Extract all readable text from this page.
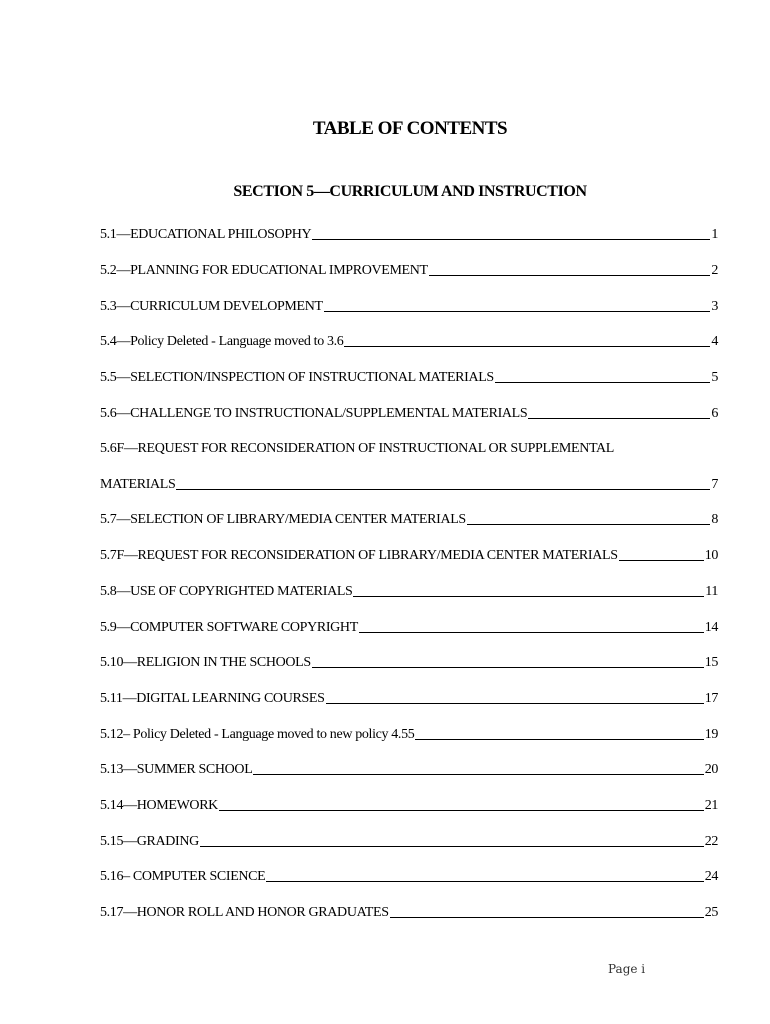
TABLE OF CONTENTS
SECTION 5—CURRICULUM AND INSTRUCTION
5.1—EDUCATIONAL PHILOSOPHY	1
5.2—PLANNING FOR EDUCATIONAL IMPROVEMENT	2
5.3—CURRICULUM DEVELOPMENT	3
5.4—Policy Deleted - Language moved to 3.6	4
5.5—SELECTION/INSPECTION OF INSTRUCTIONAL MATERIALS	5
5.6—CHALLENGE TO INSTRUCTIONAL/SUPPLEMENTAL MATERIALS	6
5.6F—REQUEST FOR RECONSIDERATION OF INSTRUCTIONAL OR SUPPLEMENTAL
MATERIALS	7
5.7—SELECTION OF LIBRARY/MEDIA CENTER MATERIALS	8
5.7F—REQUEST FOR RECONSIDERATION OF LIBRARY/MEDIA CENTER MATERIALS	10
5.8—USE OF COPYRIGHTED MATERIALS	11
5.9—COMPUTER SOFTWARE COPYRIGHT	14
5.10—RELIGION IN THE SCHOOLS	15
5.11—DIGITAL LEARNING COURSES	17
5.12– Policy Deleted - Language moved to new policy 4.55	19
5.13—SUMMER SCHOOL	20
5.14—HOMEWORK	21
5.15—GRADING	22
5.16– COMPUTER SCIENCE	24
5.17—HONOR ROLL AND HONOR GRADUATES	25
Page i
